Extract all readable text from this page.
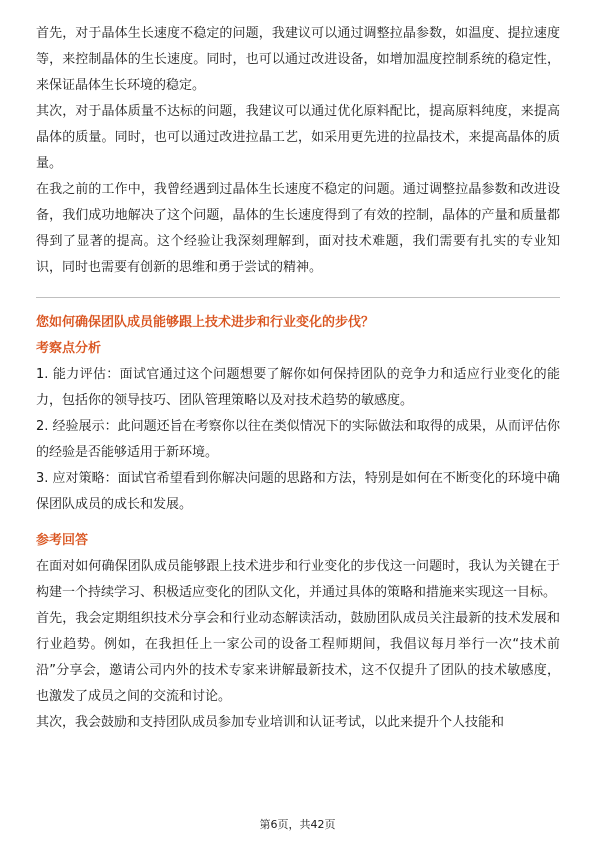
首先，对于晶体生长速度不稳定的问题，我建议可以通过调整拉晶参数，如温度、提拉速度等，来控制晶体的生长速度。同时，也可以通过改进设备，如增加温度控制系统的稳定性，来保证晶体生长环境的稳定。

其次，对于晶体质量不达标的问题，我建议可以通过优化原料配比，提高原料纯度，来提高晶体的质量。同时，也可以通过改进拉晶工艺，如采用更先进的拉晶技术，来提高晶体的质量。

在我之前的工作中，我曾经遇到过晶体生长速度不稳定的问题。通过调整拉晶参数和改进设备，我们成功地解决了这个问题，晶体的生长速度得到了有效的控制，晶体的产量和质量都得到了显著的提高。这个经验让我深刻理解到，面对技术难题，我们需要有扎实的专业知识，同时也需要有创新的思维和勇于尝试的精神。

您如何确保团队成员能够跟上技术进步和行业变化的步伐？
考察点分析

1. 能力评估：面试官通过这个问题想要了解你如何保持团队的竞争力和适应行业变化的能力，包括你的领导技巧、团队管理策略以及对技术趋势的敏感度。

2. 经验展示：此问题还旨在考察你以往在类似情况下的实际做法和取得的成果，从而评估你的经验是否能够适用于新环境。

3. 应对策略：面试官希望看到你解决问题的思路和方法，特别是如何在不断变化的环境中确保团队成员的成长和发展。

参考回答

在面对如何确保团队成员能够跟上技术进步和行业变化的步伐这一问题时，我认为关键在于构建一个持续学习、积极适应变化的团队文化，并通过具体的策略和措施来实现这一目标。

首先，我会定期组织技术分享会和行业动态解读活动，鼓励团队成员关注最新的技术发展和行业趋势。例如，在我担任上一家公司的设备工程师期间，我倡议每月举行一次“技术前沿”分享会，邀请公司内外的技术专家来讲解最新技术，这不仅提升了团队的技术敏感度，也激发了成员之间的交流和讨论。

其次，我会鼓励和支持团队成员参加专业培训和认证考试，以此来提升个人技能和

第6页，共42页
